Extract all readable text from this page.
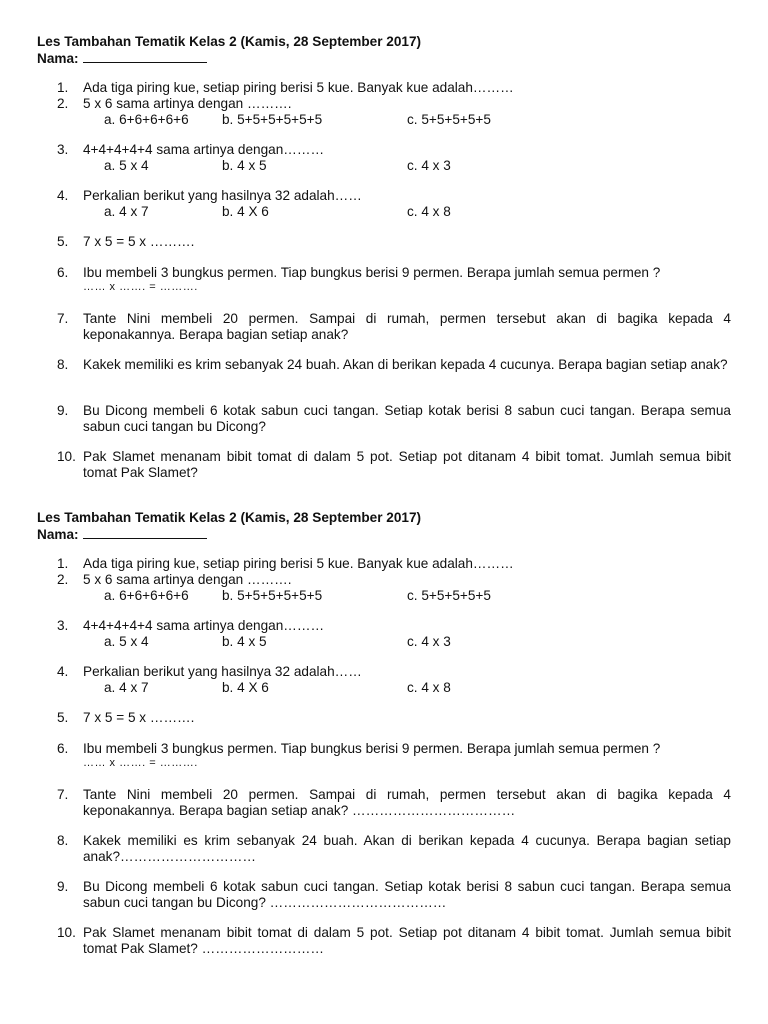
Les Tambahan Tematik Kelas 2 (Kamis, 28 September 2017)
Nama:
1.	Ada tiga piring kue, setiap piring berisi 5 kue. Banyak kue adalah………
2.	5 x 6 sama artinya dengan ……….
a. 6+6+6+6+6 b. 5+5+5+5+5+5	c. 5+5+5+5+5
3.	4+4+4+4+4 sama artinya dengan………
a. 5 x 4	b. 4 x 5	c. 4 x 3
4.	Perkalian berikut yang hasilnya 32 adalah……
a. 4 x 7	b. 4 X 6	c. 4 x 8
5.	7 x 5 = 5 x ……….
6.	Ibu membeli 3 bungkus permen. Tiap bungkus berisi 9 permen. Berapa jumlah semua permen ?
…… x ……. = ……….
7.	Tante Nini membeli 20 permen. Sampai di rumah, permen tersebut akan di bagika kepada 4 keponakannya. Berapa bagian setiap anak?
8.	Kakek memiliki es krim sebanyak 24 buah. Akan di berikan kepada 4 cucunya. Berapa bagian setiap anak?
9.	Bu Dicong membeli 6 kotak sabun cuci tangan. Setiap kotak berisi 8 sabun cuci tangan. Berapa semua sabun cuci tangan bu Dicong?
10. Pak Slamet menanam bibit tomat di dalam 5 pot. Setiap pot ditanam 4 bibit tomat. Jumlah semua bibit tomat Pak Slamet?
Les Tambahan Tematik Kelas 2 (Kamis, 28 September 2017)
Nama:
1.	Ada tiga piring kue, setiap piring berisi 5 kue. Banyak kue adalah………
2.	5 x 6 sama artinya dengan ……….
a. 6+6+6+6+6 b. 5+5+5+5+5+5	c. 5+5+5+5+5
3.	4+4+4+4+4 sama artinya dengan………
a. 5 x 4	b. 4 x 5	c. 4 x 3
4.	Perkalian berikut yang hasilnya 32 adalah……
a. 4 x 7	b. 4 X 6	c. 4 x 8
5.	7 x 5 = 5 x ……….
6.	Ibu membeli 3 bungkus permen. Tiap bungkus berisi 9 permen. Berapa jumlah semua permen ?
…… x ……. = ……….
7.	Tante Nini membeli 20 permen. Sampai di rumah, permen tersebut akan di bagika kepada 4 keponakannya. Berapa bagian setiap anak? ………………………………
8.	Kakek memiliki es krim sebanyak 24 buah. Akan di berikan kepada 4 cucunya. Berapa bagian setiap anak?…………………………
9.	Bu Dicong membeli 6 kotak sabun cuci tangan. Setiap kotak berisi 8 sabun cuci tangan. Berapa semua sabun cuci tangan bu Dicong? …………………………………
10. Pak Slamet menanam bibit tomat di dalam 5 pot. Setiap pot ditanam 4 bibit tomat. Jumlah semua bibit tomat Pak Slamet? ………………………
